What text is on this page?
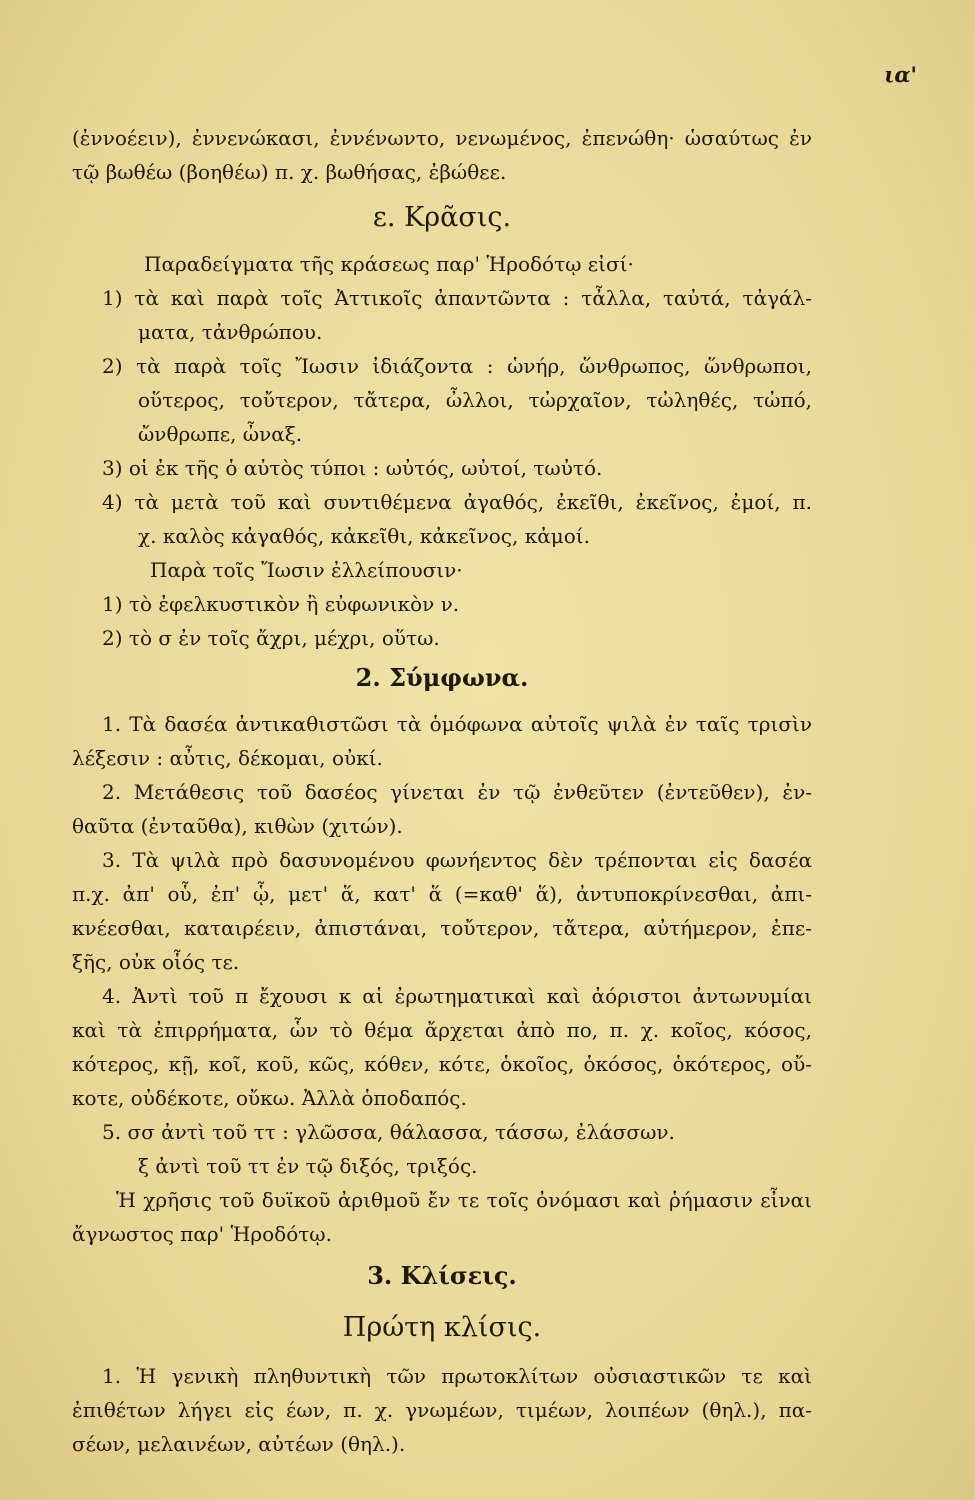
ια'
(ἐννοέειν), ἐννενώκασι, ἐννένωντο, νενωμένος, ἐπενώθη· ὡσαύτως ἐν
τῷ βωθέω (βοηθέω) π. χ. βωθήσας, ἐβώθεε.
ε. Κρᾶσις.
Παραδείγματα τῆς κράσεως παρ' Ἡροδότῳ εἰσί·
1) τὰ καὶ παρὰ τοῖς Ἀττικοῖς ἀπαντῶντα : τἆλλα, ταὐτά, τἀγάλ-
ματα, τἀνθρώπου.
2) τὰ παρὰ τοῖς Ἴωσιν ἰδιάζοντα : ὡνήρ, ὥνθρωπος, ὥνθρωποι,
οὕτερος, τοὔτερον, τἄτερα, ὦλλοι, τὠρχαῖον, τὠληθές, τὠπό,
ὤνθρωπε, ὦναξ.
3) οἱ ἐκ τῆς ὁ αὐτὸς τύποι : ωὐτός, ωὐτοί, τωὐτό.
4) τὰ μετὰ τοῦ καὶ συντιθέμενα ἀγαθός, ἐκεῖθι, ἐκεῖνος, ἐμοί, π.
χ. καλὸς κἀγαθός, κἀκεῖθι, κἀκεῖνος, κἀμοί.
Παρὰ τοῖς Ἴωσιν ἐλλείπουσιν·
1) τὸ ἐφελκυστικὸν ἢ εὐφωνικὸν ν.
2) τὸ σ ἐν τοῖς ἄχρι, μέχρι, οὕτω.
2. Σύμφωνα.
1. Τὰ δασέα ἀντικαθιστῶσι τὰ ὁμόφωνα αὐτοῖς ψιλὰ ἐν ταῖς τρισὶν
λέξεσιν : αὖτις, δέκομαι, οὐκί.
2. Μετάθεσις τοῦ δασέος γίνεται ἐν τῷ ἐνθεῦτεν (ἐντεῦθεν), ἐν-
θαῦτα (ἐνταῦθα), κιθὼν (χιτών).
3. Τὰ ψιλὰ πρὸ δασυνομένου φωνήεντος δὲν τρέπονται εἰς δασέα
π.χ. ἀπ' οὗ, ἐπ' ᾧ, μετ' ἅ, κατ' ἅ (=καθ' ἅ), ἀντυποκρίνεσθαι, ἀπι-
κνέεσθαι, καταιρέειν, ἀπιστάναι, τοὔτερον, τἄτερα, αὐτήμερον, ἐπε-
ξῆς, οὐκ οἷός τε.
4. Ἀντὶ τοῦ π ἔχουσι κ αἱ ἐρωτηματικαὶ καὶ ἀόριστοι ἀντωνυμίαι
καὶ τὰ ἐπιρρήματα, ὧν τὸ θέμα ἄρχεται ἀπὸ πο, π. χ. κοῖος, κόσος,
κότερος, κῇ, κοῖ, κοῦ, κῶς, κόθεν, κότε, ὁκοῖος, ὁκόσος, ὁκότερος, οὔ-
κοτε, οὐδέκοτε, οὔκω. Ἀλλὰ ὁποδαπός.
5. σσ ἀντὶ τοῦ ττ : γλῶσσα, θάλασσα, τάσσω, ἐλάσσων.
ξ ἀντὶ τοῦ ττ ἐν τῷ διξός, τριξός.
Ἡ χρῆσις τοῦ δυϊκοῦ ἀριθμοῦ ἔν τε τοῖς ὀνόμασι καὶ ῥήμασιν εἶναι
ἄγνωστος παρ' Ἡροδότῳ.
3. Κλίσεις.
Πρώτη κλίσις.
1. Ἡ γενικὴ πληθυντικὴ τῶν πρωτοκλίτων οὐσιαστικῶν τε καὶ
ἐπιθέτων λήγει εἰς έων, π. χ. γνωμέων, τιμέων, λοιπέων (θηλ.), πα-
σέων, μελαινέων, αὐτέων (θηλ.).
